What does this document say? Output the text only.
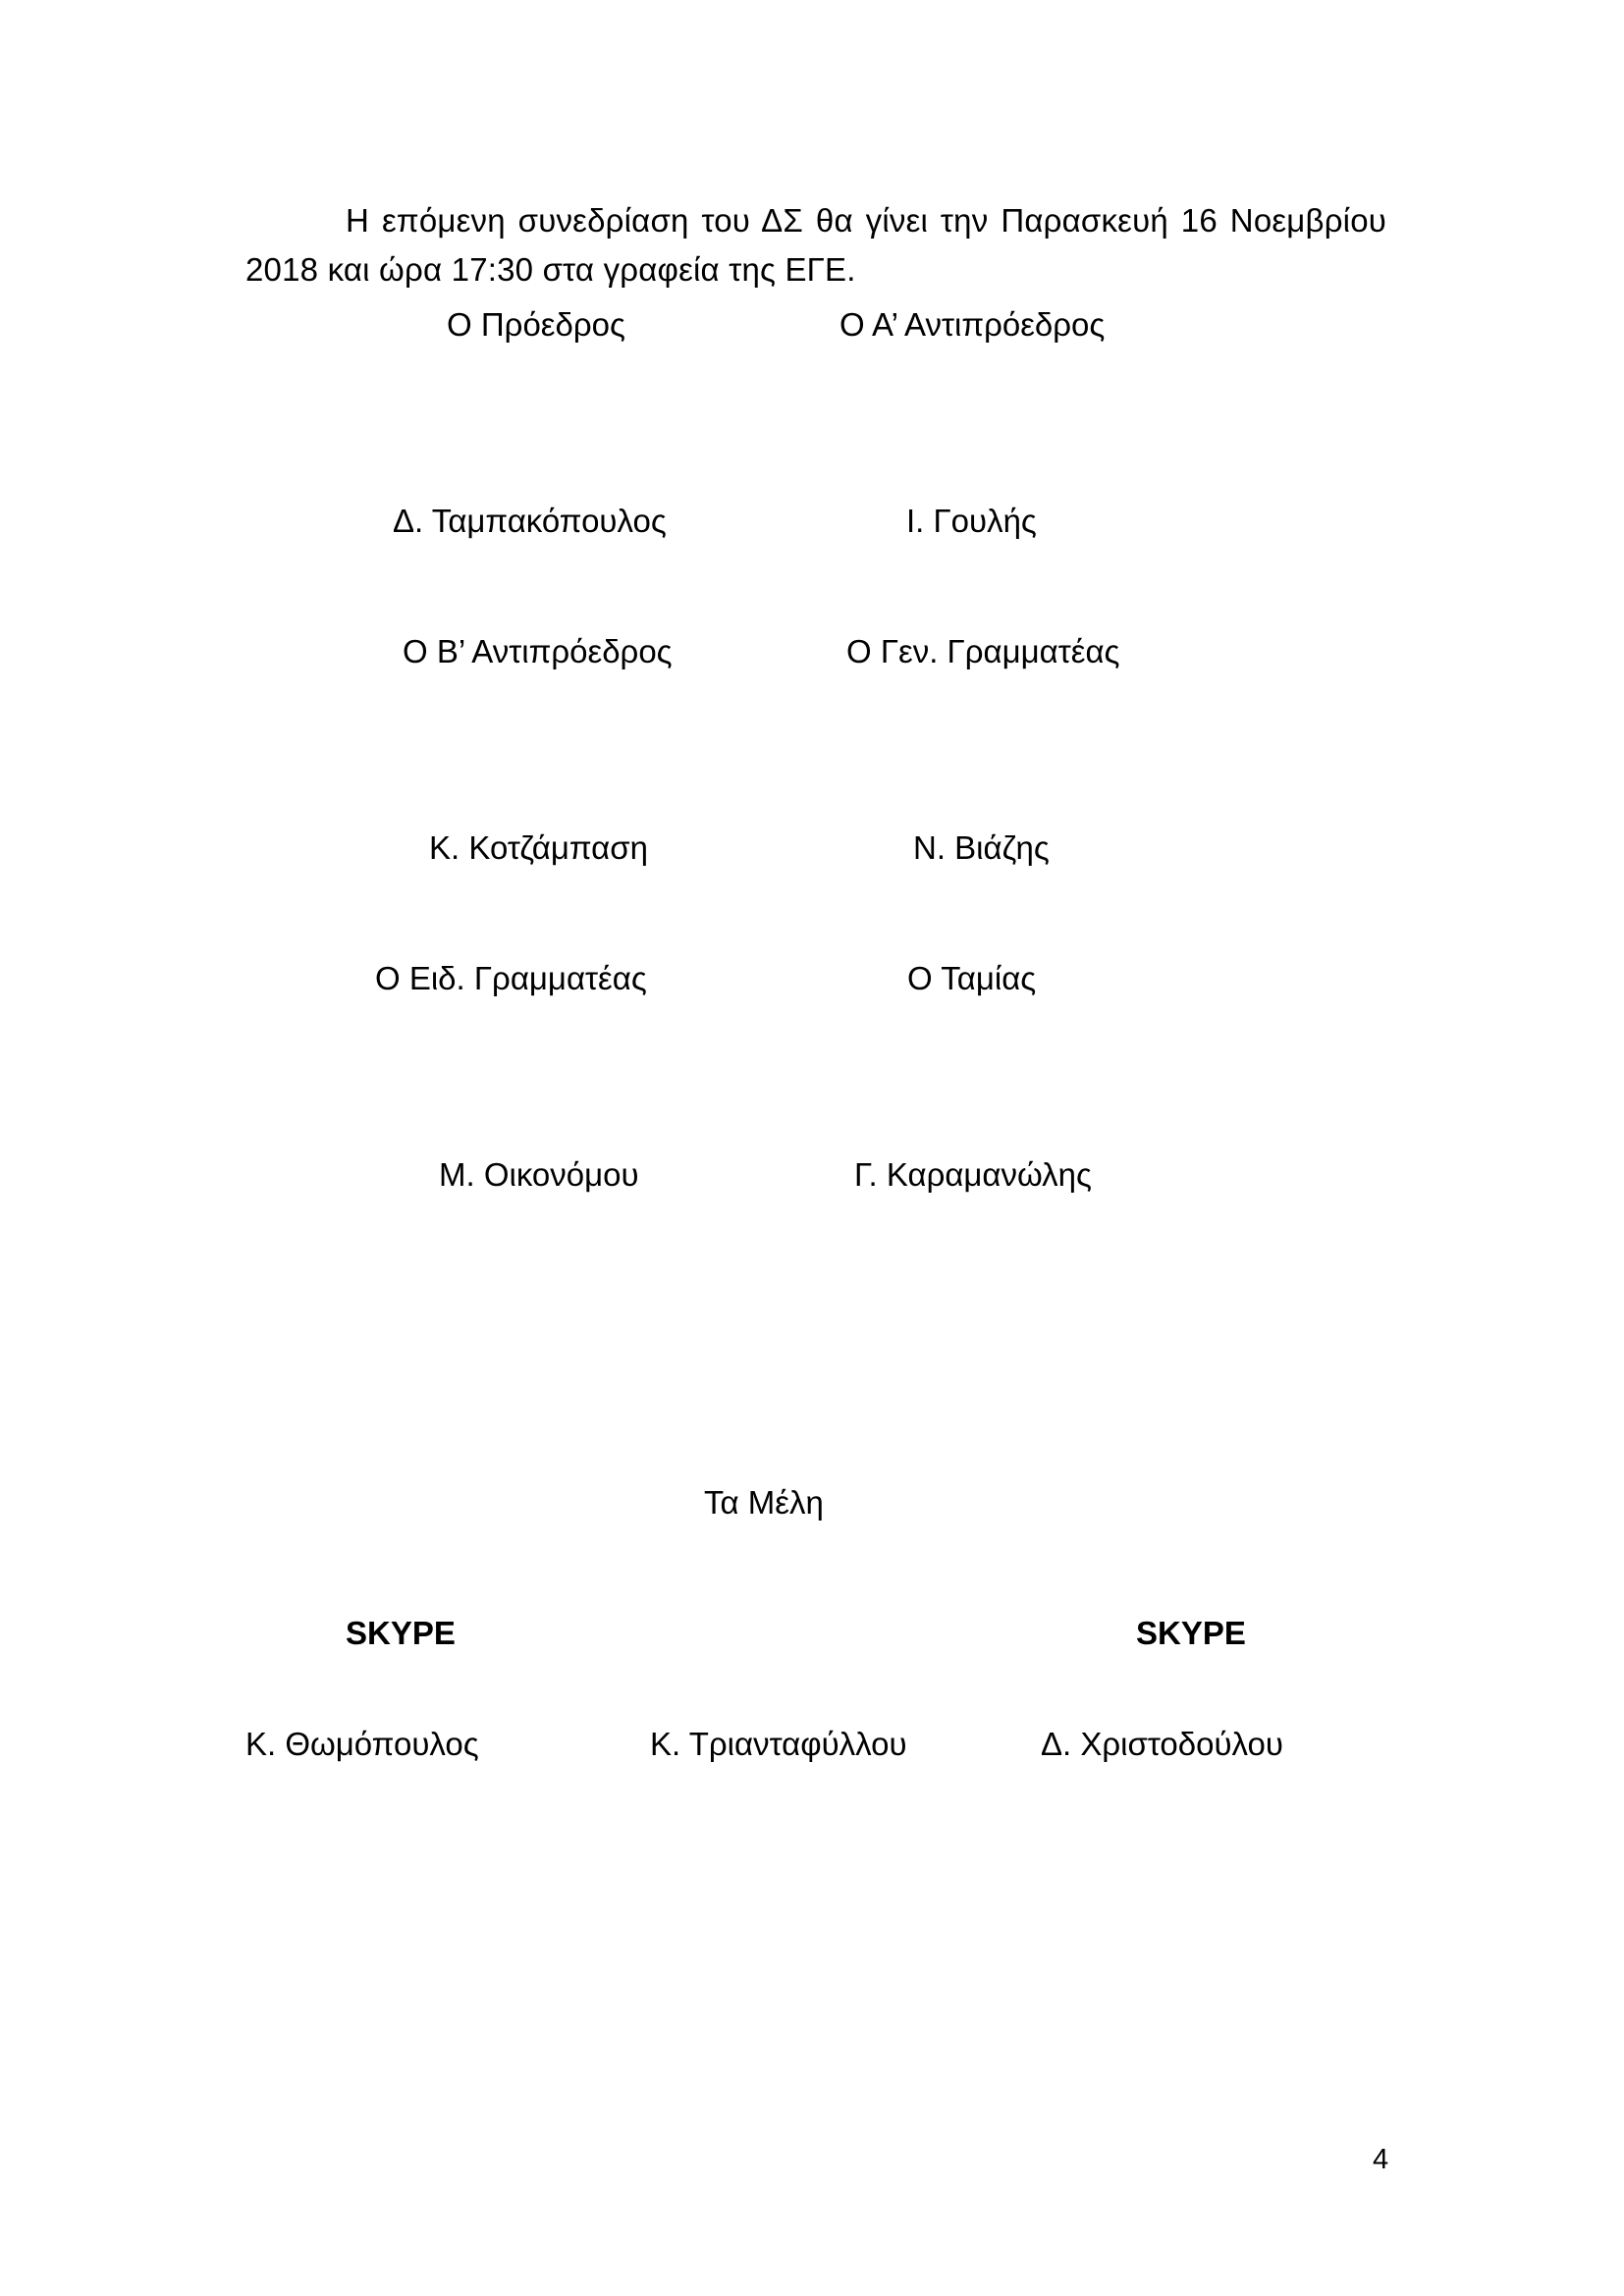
Η επόμενη συνεδρίαση του ΔΣ θα γίνει την Παρασκευή 16 Νοεμβρίου 2018 και ώρα 17:30 στα γραφεία της ΕΓΕ.
Ο Πρόεδρος	Ο Α’ Αντιπρόεδρος
Δ. Ταμπακόπουλος	Ι. Γουλής
Ο Β’ Αντιπρόεδρος	Ο Γεν. Γραμματέας
Κ. Κοτζάμπαση	Ν. Βιάζης
Ο Ειδ. Γραμματέας	Ο Ταμίας
Μ. Οικονόμου	Γ. Καραμανώλης
Τα Μέλη
SKYPE	SKYPE
Κ. Θωμόπουλος	Κ. Τριανταφύλλου	Δ. Χριστοδούλου
4
